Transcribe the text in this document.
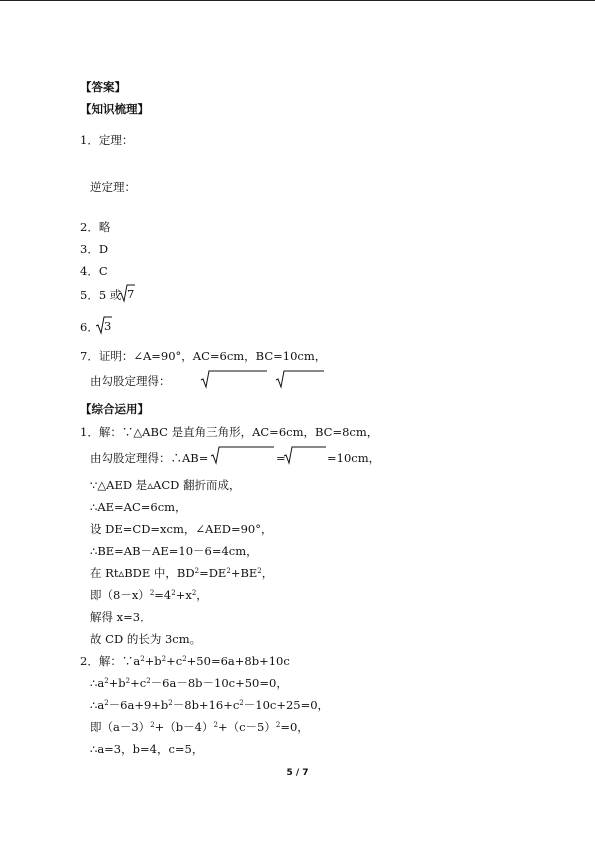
【答案】
【知识梳理】
1．定理：
逆定理：
2．略
3．D
4．C
5．5 或 7
6． 3
7．证明：∠A=90°，AC=6cm，BC=10cm，
由勾股定理得：
【综合运用】
1．解：∵△ABC 是直角三角形，AC=6cm，BC=8cm，
由勾股定理得：∴AB=	=	=10cm，
∵△AED 是▵ACD 翻折而成，
∴AE=AC=6cm，
设 DE=CD=xcm，∠AED=90°，
∴BE=AB－AE=10－6=4cm，
在 Rt▵BDE 中，$BD^2=DE^2+BE^2$，
即$(8-x)^2=4^2+x^2$，
解得 x=3．
故 CD 的长为 3cm。
2．解：$\because a^2+b^2+c^2+50=6a+8b+10c$
$\therefore a^2+b^2+c^2-6a-8b-10c+50=0$，
$\therefore a^2-6a+9+b^2-8b+16+c^2-10c+25=0$，
即$(a-3)^2+(b-4)^2+(c-5)^2=0$，
∴a=3，b=4，c=5，
5 / 7
